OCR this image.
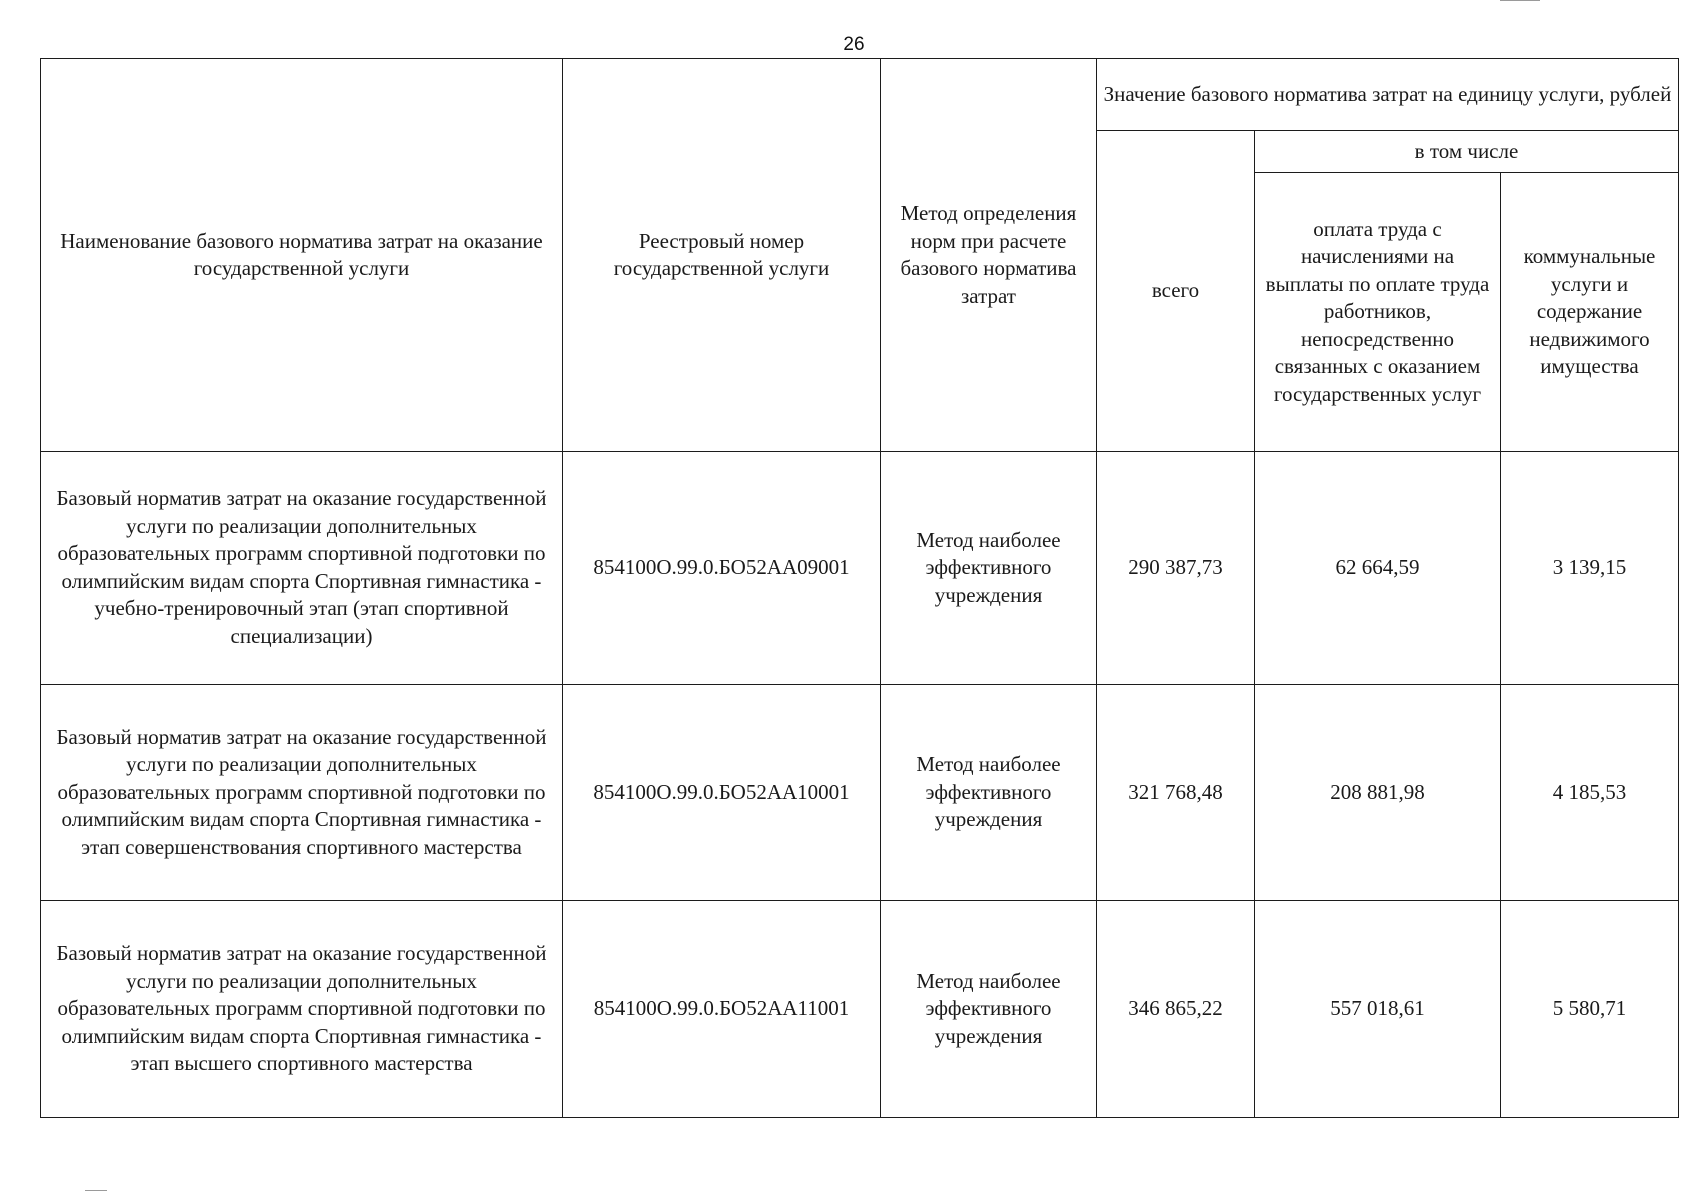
26
Наименование базового норматива затрат на оказание государственной услуги	Реестровый номер государственной услуги	Метод определения норм при расчете базового норматива затрат	Значение базового норматива затрат на единицу услуги, рублей		
			всего	в том числе	
				оплата труда с начислениями на выплаты по оплате труда работников, непосредственно связанных с оказанием государственных услуг	коммунальные услуги и содержание недвижимого имущества
Базовый норматив затрат на оказание государственной услуги по реализации дополнительных образовательных программ спортивной подготовки по олимпийским видам спорта Спортивная гимнастика - учебно-тренировочный этап (этап спортивной специализации)	854100О.99.0.БО52АА09001	Метод наиболее эффективного учреждения	290 387,73	62 664,59	3 139,15
Базовый норматив затрат на оказание государственной услуги по реализации дополнительных образовательных программ спортивной подготовки по олимпийским видам спорта Спортивная гимнастика - этап совершенствования спортивного мастерства	854100О.99.0.БО52АА10001	Метод наиболее эффективного учреждения	321 768,48	208 881,98	4 185,53
Базовый норматив затрат на оказание государственной услуги по реализации дополнительных образовательных программ спортивной подготовки по олимпийским видам спорта Спортивная гимнастика - этап высшего спортивного мастерства	854100О.99.0.БО52АА11001	Метод наиболее эффективного учреждения	346 865,22	557 018,61	5 580,71
